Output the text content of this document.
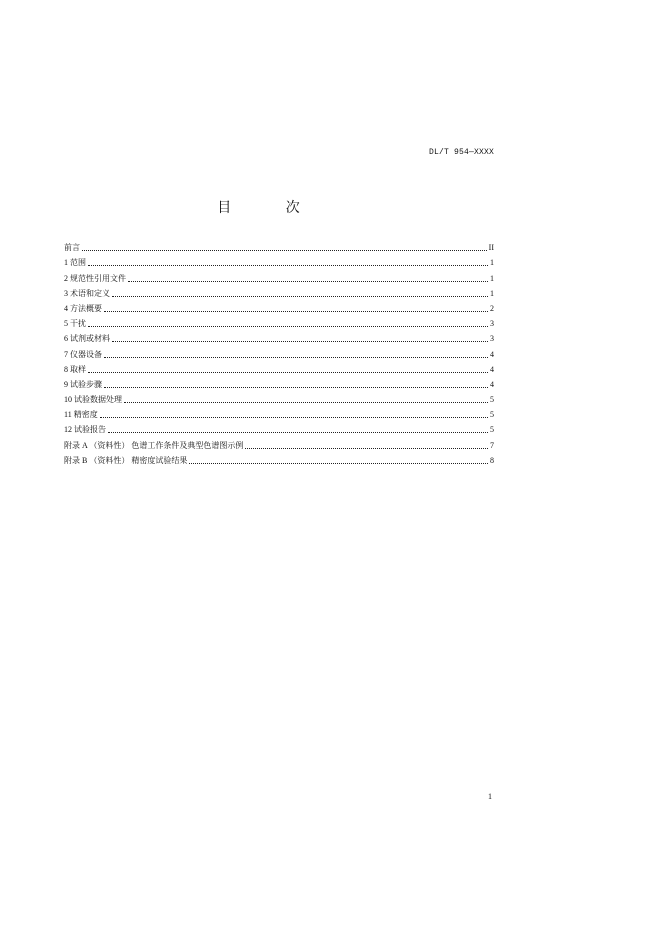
DL/T 954—XXXX
目 次
前言	II
1 范围	1
2 规范性引用文件	1
3 术语和定义	1
4 方法概要	2
5 干扰	3
6 试剂或材料	3
7 仪器设备	4
8 取样	4
9 试验步骤	4
10 试验数据处理	5
11 精密度	5
12 试验报告	5
附录 A （资料性） 色谱工作条件及典型色谱图示例	7
附录 B （资料性） 精密度试验结果	8
1
